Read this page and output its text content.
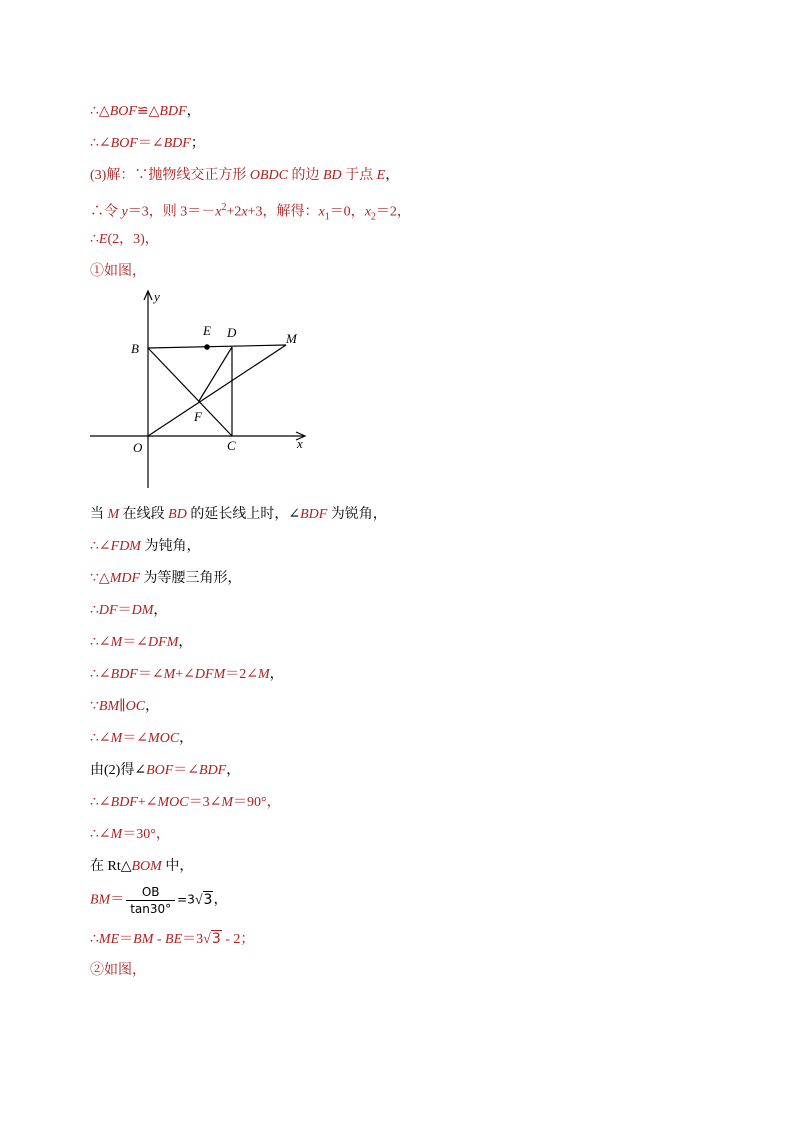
∴△BOF≌△BDF，
∴∠BOF＝∠BDF；
(3)解：∵抛物线交正方形 OBDC 的边 BD 于点 E，
∴令 y＝3，则 $3=-x^2+2x+3$，解得：$x_1=0$，$x_2=2$，
∴E(2，3)，
①如图，
y
x
E D	M
B
F
O	C
当 M 在线段 BD 的延长线上时，∠BDF 为锐角，
∴∠FDM 为钝角，
∵△MDF 为等腰三角形，
∴DF＝DM，
∴∠M＝∠DFM，
∴∠BDF＝∠M+∠DFM＝2∠M，
∵BM∥OC，
∴∠M＝∠MOC，
由(2)得∠BOF＝∠BDF，
∴∠BDF+∠MOC＝3∠M＝90°，
∴∠M＝30°，
在 Rt△BOM 中，
$BM= \frac{OB}{\tan 30^\circ} =3√3$，
∴ME＝BM - BE＝3√3 - 2；
②如图，
